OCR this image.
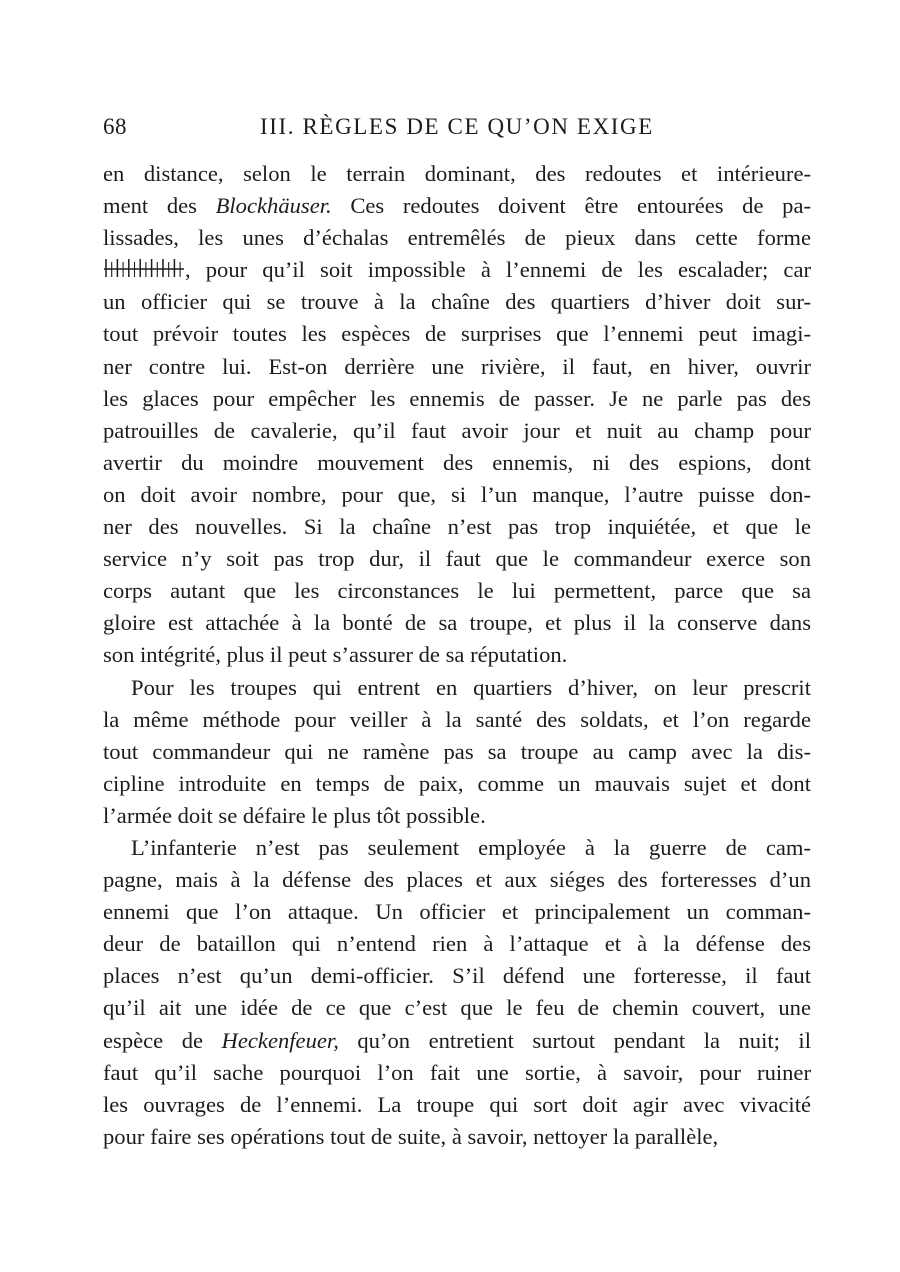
68	III. RÈGLES DE CE QU’ON EXIGE
en distance, selon le terrain dominant, des redoutes et intérieure-
ment des Blockhäuser. Ces redoutes doivent être entourées de pa-
lissades, les unes d’échalas entremêlés de pieux dans cette forme
, pour qu’il soit impossible à l’ennemi de les escalader; car
un officier qui se trouve à la chaîne des quartiers d’hiver doit sur-
tout prévoir toutes les espèces de surprises que l’ennemi peut imagi-
ner contre lui. Est-on derrière une rivière, il faut, en hiver, ouvrir
les glaces pour empêcher les ennemis de passer. Je ne parle pas des
patrouilles de cavalerie, qu’il faut avoir jour et nuit au champ pour
avertir du moindre mouvement des ennemis, ni des espions, dont
on doit avoir nombre, pour que, si l’un manque, l’autre puisse don-
ner des nouvelles. Si la chaîne n’est pas trop inquiétée, et que le
service n’y soit pas trop dur, il faut que le commandeur exerce son
corps autant que les circonstances le lui permettent, parce que sa
gloire est attachée à la bonté de sa troupe, et plus il la conserve dans
son intégrité, plus il peut s’assurer de sa réputation.
Pour les troupes qui entrent en quartiers d’hiver, on leur prescrit
la même méthode pour veiller à la santé des soldats, et l’on regarde
tout commandeur qui ne ramène pas sa troupe au camp avec la dis-
cipline introduite en temps de paix, comme un mauvais sujet et dont
l’armée doit se défaire le plus tôt possible.
L’infanterie n’est pas seulement employée à la guerre de cam-
pagne, mais à la défense des places et aux siéges des forteresses d’un
ennemi que l’on attaque. Un officier et principalement un comman-
deur de bataillon qui n’entend rien à l’attaque et à la défense des
places n’est qu’un demi-officier. S’il défend une forteresse, il faut
qu’il ait une idée de ce que c’est que le feu de chemin couvert, une
espèce de Heckenfeuer, qu’on entretient surtout pendant la nuit; il
faut qu’il sache pourquoi l’on fait une sortie, à savoir, pour ruiner
les ouvrages de l’ennemi. La troupe qui sort doit agir avec vivacité
pour faire ses opérations tout de suite, à savoir, nettoyer la parallèle,
